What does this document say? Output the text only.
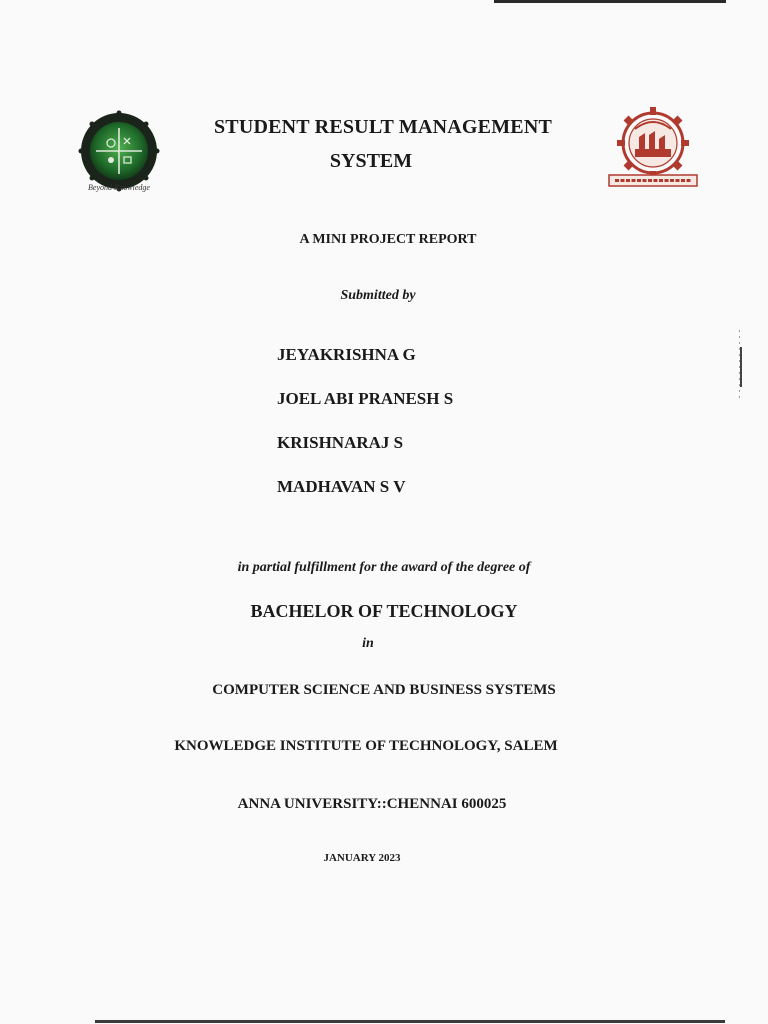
Beyond Knowledge
STUDENT RESULT MANAGEMENT
SYSTEM
A MINI PROJECT REPORT
Submitted by
JEYAKRISHNA G
JOEL ABI PRANESH S
KRISHNARAJ S
MADHAVAN S V
in partial fulfillment for the award of the degree of
BACHELOR OF TECHNOLOGY
in
COMPUTER SCIENCE AND BUSINESS SYSTEMS
KNOWLEDGE INSTITUTE OF TECHNOLOGY, SALEM
ANNA UNIVERSITY::CHENNAI 600025
JANUARY 2023
